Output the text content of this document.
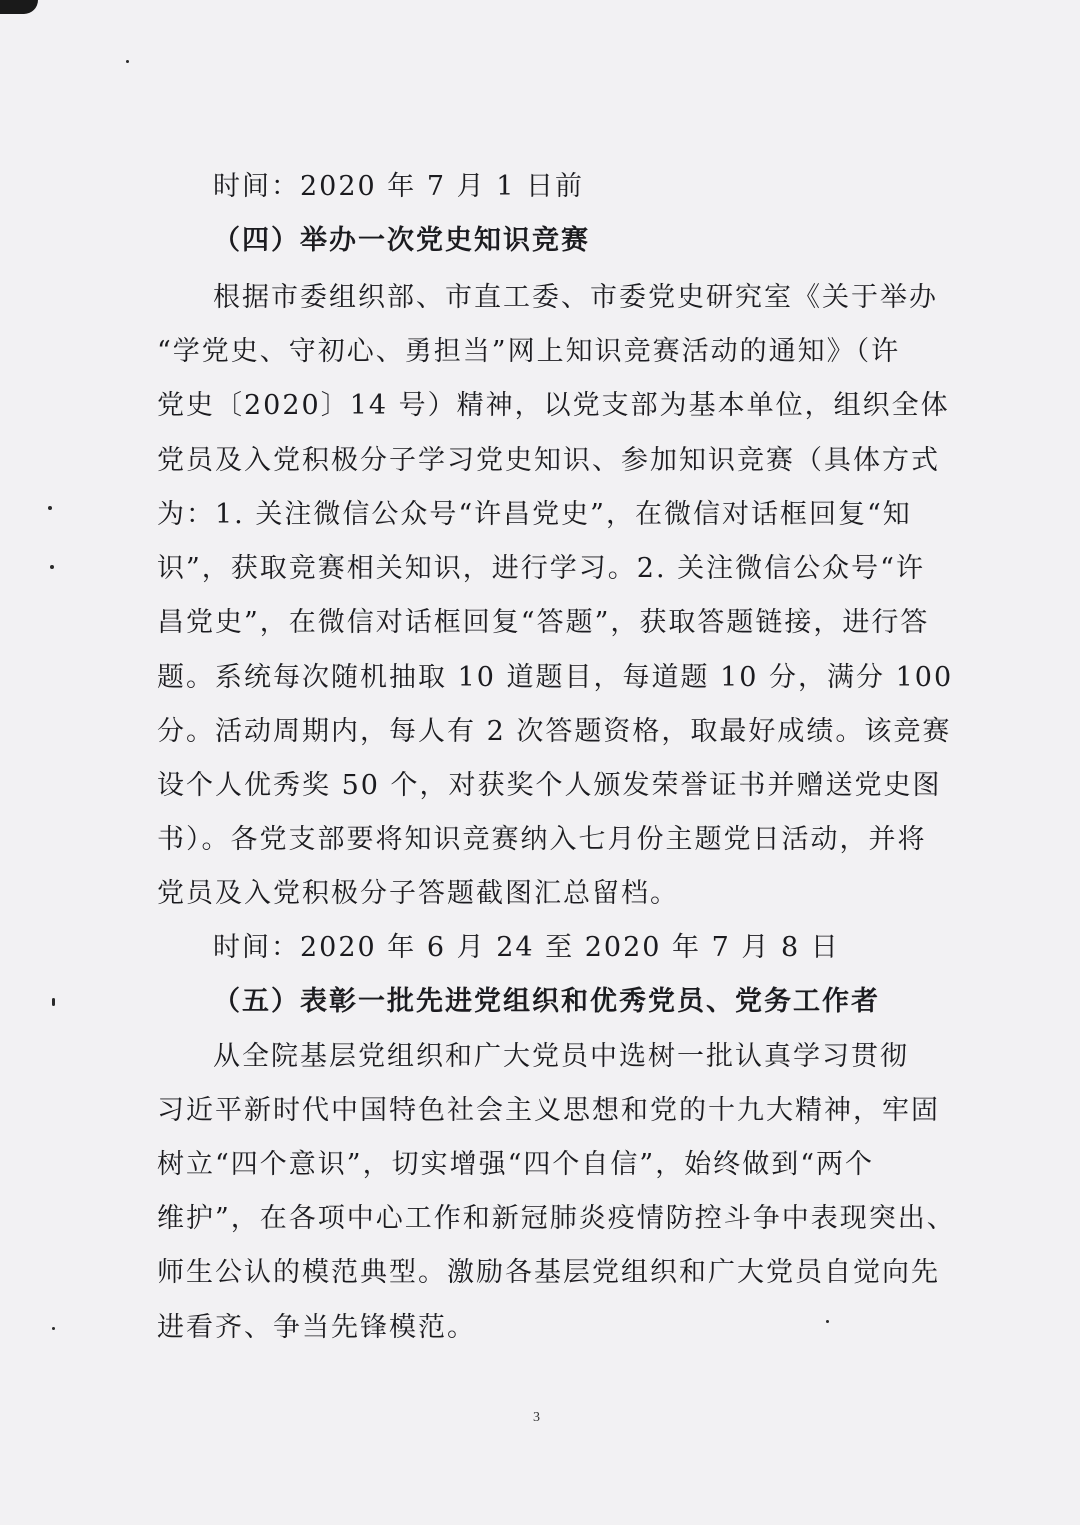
时间：2020 年 7 月 1 日前
（四）举办一次党史知识竞赛
根据市委组织部、市直工委、市委党史研究室《关于举办
“学党史、守初心、勇担当”网上知识竞赛活动的通知》（许
党史〔2020〕14 号）精神，以党支部为基本单位，组织全体
党员及入党积极分子学习党史知识、参加知识竞赛（具体方式
为：1. 关注微信公众号“许昌党史”，在微信对话框回复“知
识”，获取竞赛相关知识，进行学习。2. 关注微信公众号“许
昌党史”，在微信对话框回复“答题”，获取答题链接，进行答
题。系统每次随机抽取 10 道题目，每道题 10 分，满分 100
分。活动周期内，每人有 2 次答题资格，取最好成绩。该竞赛
设个人优秀奖 50 个，对获奖个人颁发荣誉证书并赠送党史图
书）。各党支部要将知识竞赛纳入七月份主题党日活动，并将
党员及入党积极分子答题截图汇总留档。
时间：2020 年 6 月 24 至 2020 年 7 月 8 日
（五）表彰一批先进党组织和优秀党员、党务工作者
从全院基层党组织和广大党员中选树一批认真学习贯彻
习近平新时代中国特色社会主义思想和党的十九大精神，牢固
树立“四个意识”，切实增强“四个自信”，始终做到“两个
维护”，在各项中心工作和新冠肺炎疫情防控斗争中表现突出、
师生公认的模范典型。激励各基层党组织和广大党员自觉向先
进看齐、争当先锋模范。
3
